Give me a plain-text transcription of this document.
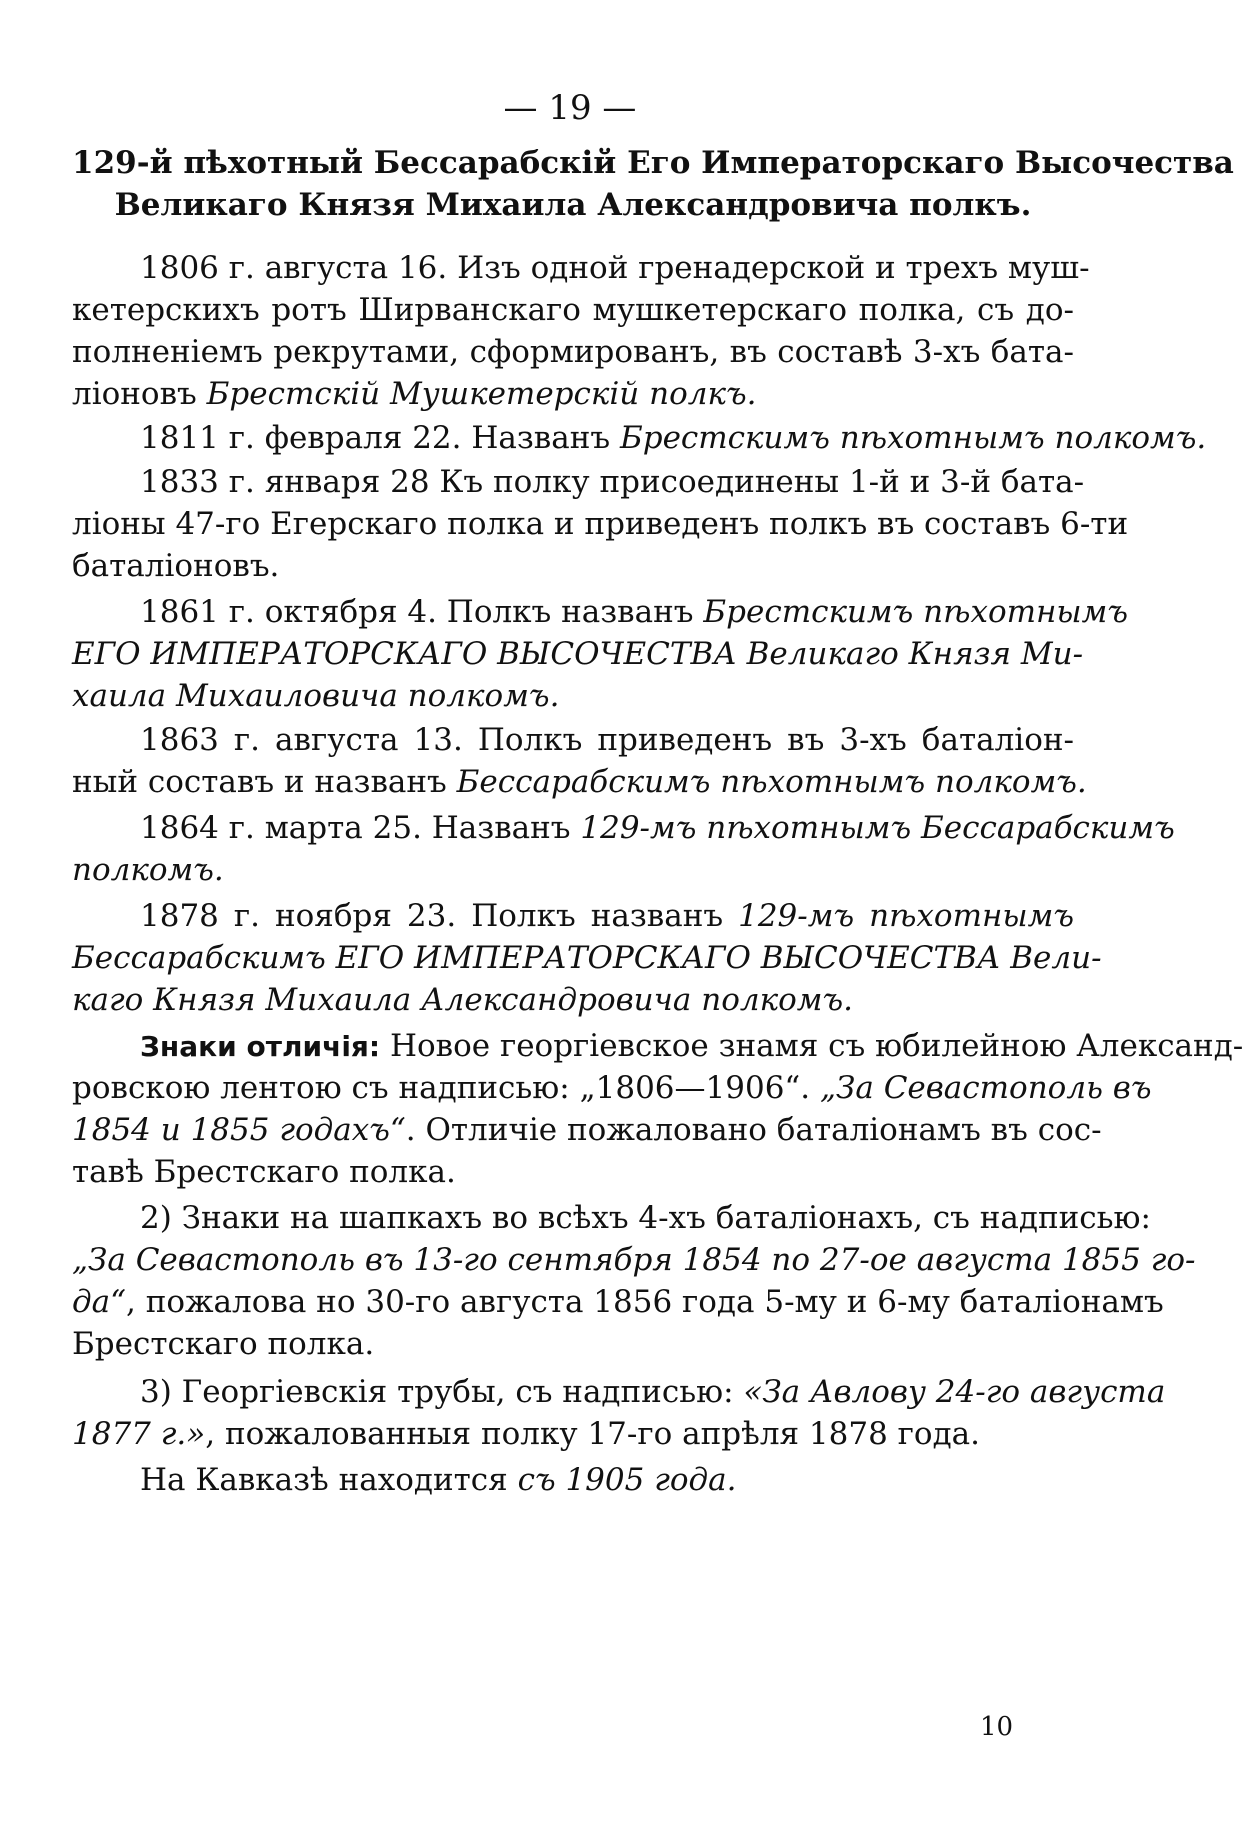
— 19 —
129-й пѣхотный Бессарабскій Его Императорскаго Высочества
Великаго Князя Михаила Александровича полкъ.
1806 г. августа 16. Изъ одной гренадерской и трехъ муш-
кетерскихъ ротъ Ширванскаго мушкетерскаго полка, съ до-
полненіемъ рекрутами, сформированъ, въ составѣ 3-хъ бата-
ліоновъ Брестскій Мушкетерскій полкъ.
1811 г. февраля 22. Названъ Брестскимъ пѣхотнымъ полкомъ.
1833 г. января 28 Къ полку присоединены 1-й и 3-й бата-
ліоны 47-го Егерскаго полка и приведенъ полкъ въ составъ 6-ти
баталіоновъ.
1861 г. октября 4. Полкъ названъ Брестскимъ пѣхотнымъ
ЕГО ИМПЕРАТОРСКАГО ВЫСОЧЕСТВА Великаго Князя Ми-
хаила Михаиловича полкомъ.
1863 г. августа 13. Полкъ приведенъ въ 3-хъ баталіон-
ный составъ и названъ Бессарабскимъ пѣхотнымъ полкомъ.
1864 г. марта 25. Названъ 129-мъ пѣхотнымъ Бессарабскимъ
полкомъ.
1878 г. ноября 23. Полкъ названъ 129-мъ пѣхотнымъ
Бессарабскимъ ЕГО ИМПЕРАТОРСКАГО ВЫСОЧЕСТВА Вели-
каго Князя Михаила Александровича полкомъ.
Знаки отличія: Новое георгіевское знамя съ юбилейною Александ-
ровскою лентою съ надписью: „1806—1906“. „За Севастополь въ
1854 и 1855 годахъ“. Отличіе пожаловано баталіонамъ въ сос-
тавѣ Брестскаго полка.
2) Знаки на шапкахъ во всѣхъ 4-хъ баталіонахъ, съ надписью:
„За Севастополь въ 13-го сентября 1854 по 27-ое августа 1855 го-
да“, пожалова но 30-го августа 1856 года 5-му и 6-му баталіонамъ
Брестскаго полка.
3) Георгіевскія трубы, съ надписью: «За Авлову 24-го августа
1877 г.», пожалованныя полку 17-го апрѣля 1878 года.
На Кавказѣ находится съ 1905 года.
10
